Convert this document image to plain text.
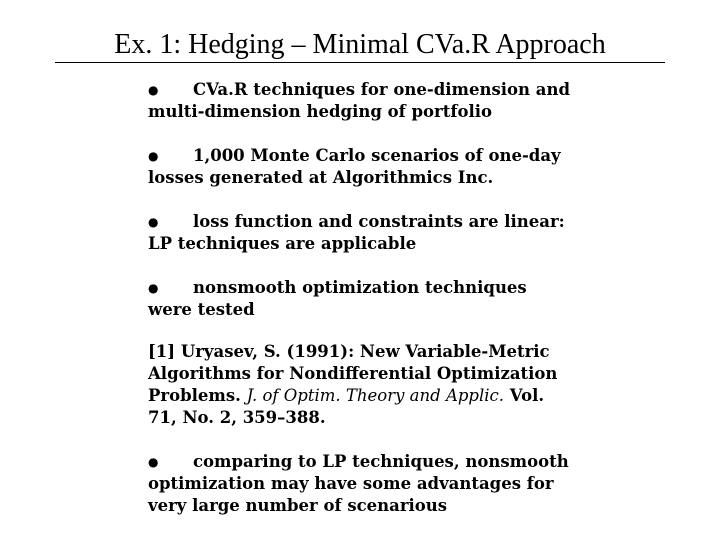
Ex. 1: Hedging – Minimal CVa.R Approach
● CVa.R techniques for one-dimension and
multi-dimension hedging of portfolio
● 1,000 Monte Carlo scenarios of one-day
losses generated at Algorithmics Inc.
● loss function and constraints are linear:
LP techniques are applicable
● nonsmooth optimization techniques
were tested
[1] Uryasev, S. (1991): New Variable-Metric
Algorithms for Nondifferential Optimization
Problems. J. of Optim. Theory and Applic. Vol.
71, No. 2, 359–388.
● comparing to LP techniques, nonsmooth
optimization may have some advantages for
very large number of scenarious
